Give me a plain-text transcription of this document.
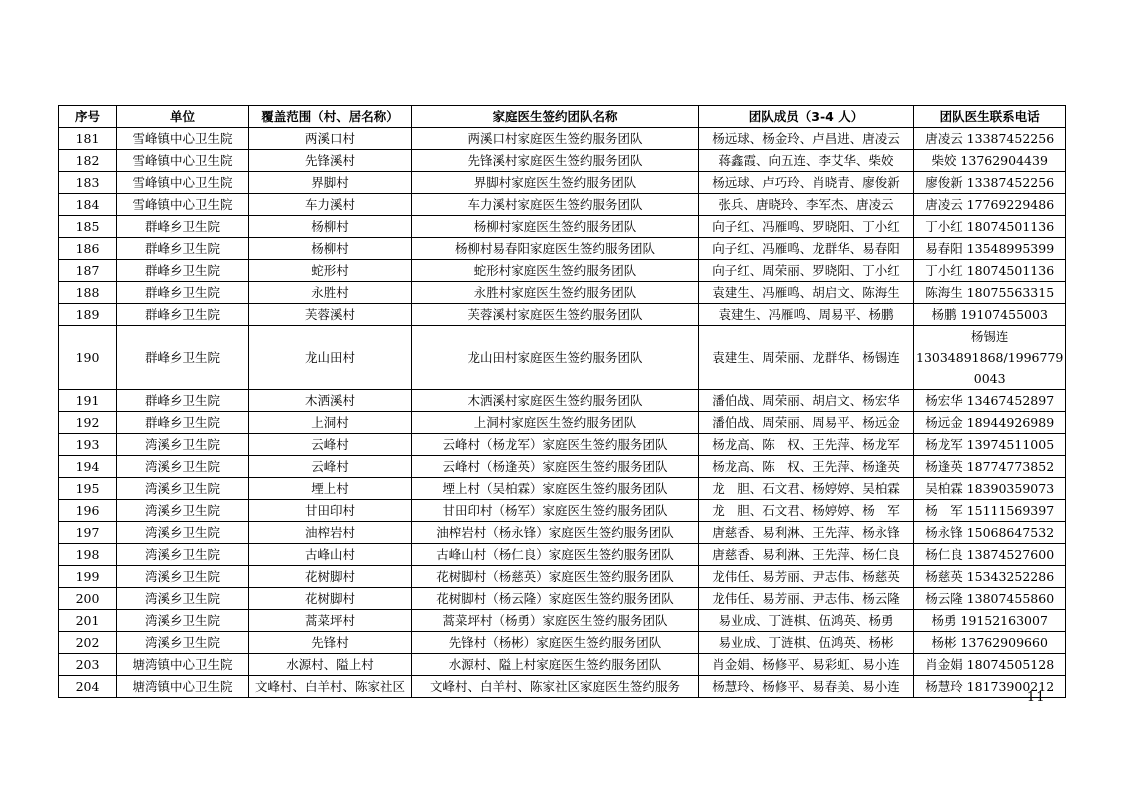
序号	单位	覆盖范围（村、居名称）	家庭医生签约团队名称	团队成员（3-4 人）	团队医生联系电话
181	雪峰镇中心卫生院	两溪口村	两溪口村家庭医生签约服务团队	杨远球、杨金玲、卢昌进、唐凌云	唐凌云 13387452256
182	雪峰镇中心卫生院	先锋溪村	先锋溪村家庭医生签约服务团队	蒋鑫霞、向五连、李艾华、柴姣	柴姣 13762904439
183	雪峰镇中心卫生院	界脚村	界脚村家庭医生签约服务团队	杨远球、卢巧玲、肖晓青、廖俊新	廖俊新 13387452256
184	雪峰镇中心卫生院	车力溪村	车力溪村家庭医生签约服务团队	张兵、唐晓玲、李军杰、唐凌云	唐凌云 17769229486
185	群峰乡卫生院	杨柳村	杨柳村家庭医生签约服务团队	向子红、冯雁鸣、罗晓阳、丁小红	丁小红 18074501136
186	群峰乡卫生院	杨柳村	杨柳村易春阳家庭医生签约服务团队	向子红、冯雁鸣、龙群华、易春阳	易春阳 13548995399
187	群峰乡卫生院	蛇形村	蛇形村家庭医生签约服务团队	向子红、周荣丽、罗晓阳、丁小红	丁小红 18074501136
188	群峰乡卫生院	永胜村	永胜村家庭医生签约服务团队	袁建生、冯雁鸣、胡启文、陈海生	陈海生 18075563315
189	群峰乡卫生院	芙蓉溪村	芙蓉溪村家庭医生签约服务团队	袁建生、冯雁鸣、周易平、杨鹏	杨鹏 19107455003
190	群峰乡卫生院	龙山田村	龙山田村家庭医生签约服务团队	袁建生、周荣丽、龙群华、杨锡连	杨锡连 13034891868/1996779 0043
191	群峰乡卫生院	木洒溪村	木洒溪村家庭医生签约服务团队	潘伯战、周荣丽、胡启文、杨宏华	杨宏华 13467452897
192	群峰乡卫生院	上洞村	上洞村家庭医生签约服务团队	潘伯战、周荣丽、周易平、杨远金	杨远金 18944926989
193	湾溪乡卫生院	云峰村	云峰村（杨龙军）家庭医生签约服务团队	杨龙高、陈　权、王先萍、杨龙军	杨龙军 13974511005
194	湾溪乡卫生院	云峰村	云峰村（杨逢英）家庭医生签约服务团队	杨龙高、陈　权、王先萍、杨逢英	杨逢英 18774773852
195	湾溪乡卫生院	堙上村	堙上村（吴柏霖）家庭医生签约服务团队	龙　胆、石文君、杨婷婷、吴柏霖	吴柏霖 18390359073
196	湾溪乡卫生院	甘田印村	甘田印村（杨军）家庭医生签约服务团队	龙　胆、石文君、杨婷婷、杨　军	杨　军 15111569397
197	湾溪乡卫生院	油榨岩村	油榨岩村（杨永锋）家庭医生签约服务团队	唐慈香、易利淋、王先萍、杨永锋	杨永锋 15068647532
198	湾溪乡卫生院	古峰山村	古峰山村（杨仁良）家庭医生签约服务团队	唐慈香、易利淋、王先萍、杨仁良	杨仁良 13874527600
199	湾溪乡卫生院	花树脚村	花树脚村（杨慈英）家庭医生签约服务团队	龙伟任、易芳丽、尹志伟、杨慈英	杨慈英 15343252286
200	湾溪乡卫生院	花树脚村	花树脚村（杨云隆）家庭医生签约服务团队	龙伟任、易芳丽、尹志伟、杨云隆	杨云隆 13807455860
201	湾溪乡卫生院	蒿菜坪村	蒿菜坪村（杨勇）家庭医生签约服务团队	易业成、丁涟棋、伍鸿英、杨勇	杨勇 19152163007
202	湾溪乡卫生院	先锋村	先锋村（杨彬）家庭医生签约服务团队	易业成、丁涟棋、伍鸿英、杨彬	杨彬 13762909660
203	塘湾镇中心卫生院	水源村、隘上村	水源村、隘上村家庭医生签约服务团队	肖金娟、杨修平、易彩虹、易小连	肖金娟 18074505128
204	塘湾镇中心卫生院	文峰村、白羊村、陈家社区	文峰村、白羊村、陈家社区家庭医生签约服务	杨慧玲、杨修平、易春美、易小连	杨慧玲 18173900212
- 11 -
